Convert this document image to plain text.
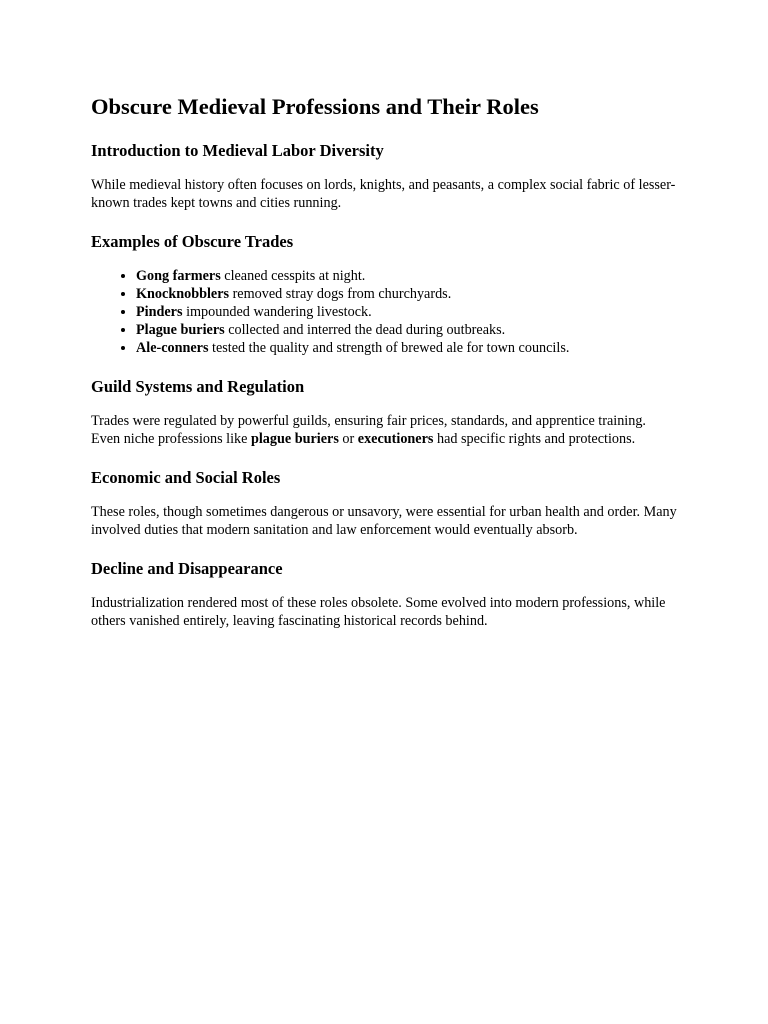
Obscure Medieval Professions and Their Roles
Introduction to Medieval Labor Diversity

While medieval history often focuses on lords, knights, and peasants, a complex social fabric of lesser-known trades kept towns and cities running.

Examples of Obscure Trades
• Gong farmers cleaned cesspits at night.
• Knocknobblers removed stray dogs from churchyards.
• Pinders impounded wandering livestock.
• Plague buriers collected and interred the dead during outbreaks.
• Ale-conners tested the quality and strength of brewed ale for town councils.
Guild Systems and Regulation

Trades were regulated by powerful guilds, ensuring fair prices, standards, and apprentice training. Even niche professions like plague buriers or executioners had specific rights and protections.

Economic and Social Roles

These roles, though sometimes dangerous or unsavory, were essential for urban health and order. Many involved duties that modern sanitation and law enforcement would eventually absorb.

Decline and Disappearance

Industrialization rendered most of these roles obsolete. Some evolved into modern professions, while others vanished entirely, leaving fascinating historical records behind.
